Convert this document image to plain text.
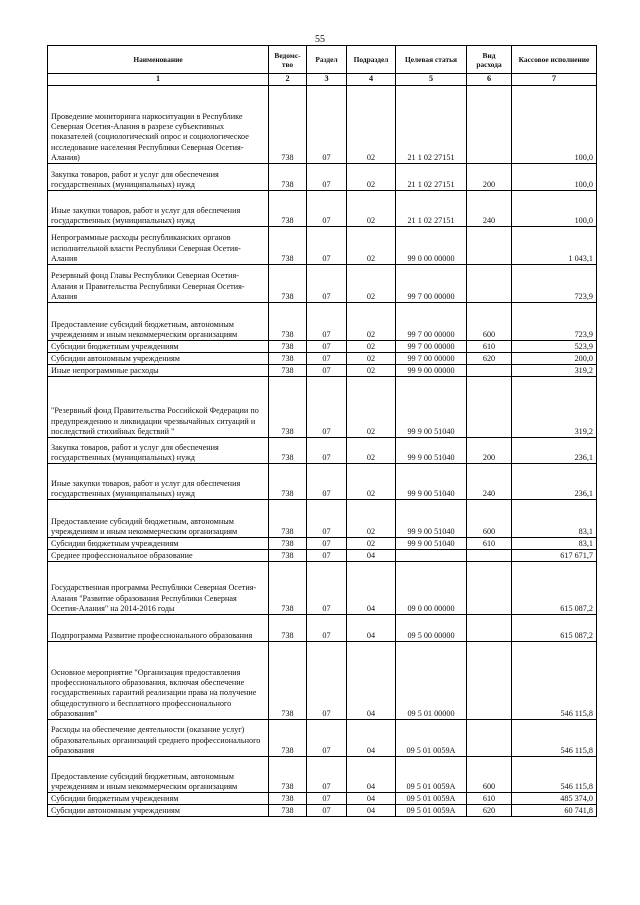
55
Наименование	Ведомс-тво	Раздел	Подраздел	Целевая статья	Вид расхода	Кассовое исполнение
1	2	3	4	5	6	7
Проведение мониторинга наркоситуации в Республике Северная Осетия-Алания в разрезе субъективных показателей (социологический опрос и социологическое исследование населения Республики Северная Осетия-Алания)	738	07	02	21 1 02 27151		100,0
Закупка товаров, работ и услуг для обеспечения государственных (муниципальных) нужд	738	07	02	21 1 02 27151	200	100,0
Иные закупки товаров, работ и услуг для обеспечения государственных (муниципальных) нужд	738	07	02	21 1 02 27151	240	100,0
Непрограммные расходы республиканских органов исполнительной власти Республики Северная Осетия-Алания	738	07	02	99 0 00 00000		1 043,1
Резервный фонд Главы Республики Северная Осетия-Алания и Правительства Республики Северная Осетия-Алания	738	07	02	99 7 00 00000		723,9
Предоставление субсидий бюджетным, автономным учреждениям и иным некоммерческим организациям	738	07	02	99 7 00 00000	600	723,9
Субсидии бюджетным учреждениям	738	07	02	99 7 00 00000	610	523,9
Субсидии автономным учреждениям	738	07	02	99 7 00 00000	620	200,0
Иные непрограммные расходы	738	07	02	99 9 00 00000		319,2
"Резервный фонд Правительства Российской Федерации по предупреждению и ликвидации чрезвычайных ситуаций и последствий стихийных бедствий "	738	07	02	99 9 00 51040		319,2
Закупка товаров, работ и услуг для обеспечения государственных (муниципальных) нужд	738	07	02	99 9 00 51040	200	236,1
Иные закупки товаров, работ и услуг для обеспечения государственных (муниципальных) нужд	738	07	02	99 9 00 51040	240	236,1
Предоставление субсидий бюджетным, автономным учреждениям и иным некоммерческим организациям	738	07	02	99 9 00 51040	600	83,1
Субсидии бюджетным учреждениям	738	07	02	99 9 00 51040	610	83,1
Среднее профессиональное образование	738	07	04			617 671,7
Государственная программа Республики Северная Осетия-Алания "Развитие образования Республики Северная Осетия-Алания" на 2014-2016 годы	738	07	04	09 0 00 00000		615 087,2
Подпрограмма Развитие профессионального образования	738	07	04	09 5 00 00000		615 087,2
Основное мероприятие "Организация предоставления профессионального образования, включая обеспечение государственных гарантий реализации права на получение общедоступного и бесплатного профессионального образования"	738	07	04	09 5 01 00000		546 115,8
Расходы на обеспечение деятельности (оказание услуг) образовательных организаций среднего профессионального образования	738	07	04	09 5 01 0059А		546 115,8
Предоставление субсидий бюджетным, автономным учреждениям и иным некоммерческим организациям	738	07	04	09 5 01 0059А	600	546 115,8
Субсидии бюджетным учреждениям	738	07	04	09 5 01 0059А	610	485 374,0
Субсидии автономным учреждениям	738	07	04	09 5 01 0059А	620	60 741,8
